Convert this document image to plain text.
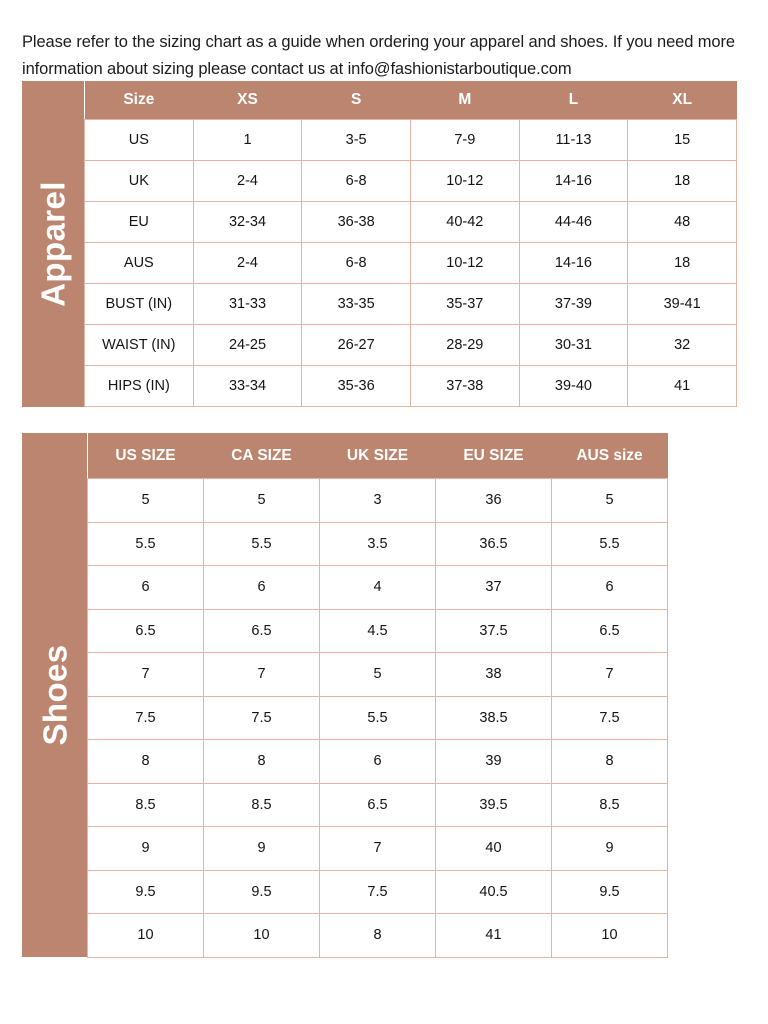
Please refer to the sizing chart as a guide when ordering your apparel and shoes. If you need more information about sizing please contact us at info@fashionistarboutique.com

Apparel	Size	XS	S	M	L	XL
	US	1	3-5	7-9	11-13	15
	UK	2-4	6-8	10-12	14-16	18
	EU	32-34	36-38	40-42	44-46	48
	AUS	2-4	6-8	10-12	14-16	18
	BUST (IN)	31-33	33-35	35-37	37-39	39-41
	WAIST (IN)	24-25	26-27	28-29	30-31	32
	HIPS (IN)	33-34	35-36	37-38	39-40	41
Shoes	US SIZE	CA SIZE	UK SIZE	EU SIZE	AUS size
	5	5	3	36	5
	5.5	5.5	3.5	36.5	5.5
	6	6	4	37	6
	6.5	6.5	4.5	37.5	6.5
	7	7	5	38	7
	7.5	7.5	5.5	38.5	7.5
	8	8	6	39	8
	8.5	8.5	6.5	39.5	8.5
	9	9	7	40	9
	9.5	9.5	7.5	40.5	9.5
	10	10	8	41	10
